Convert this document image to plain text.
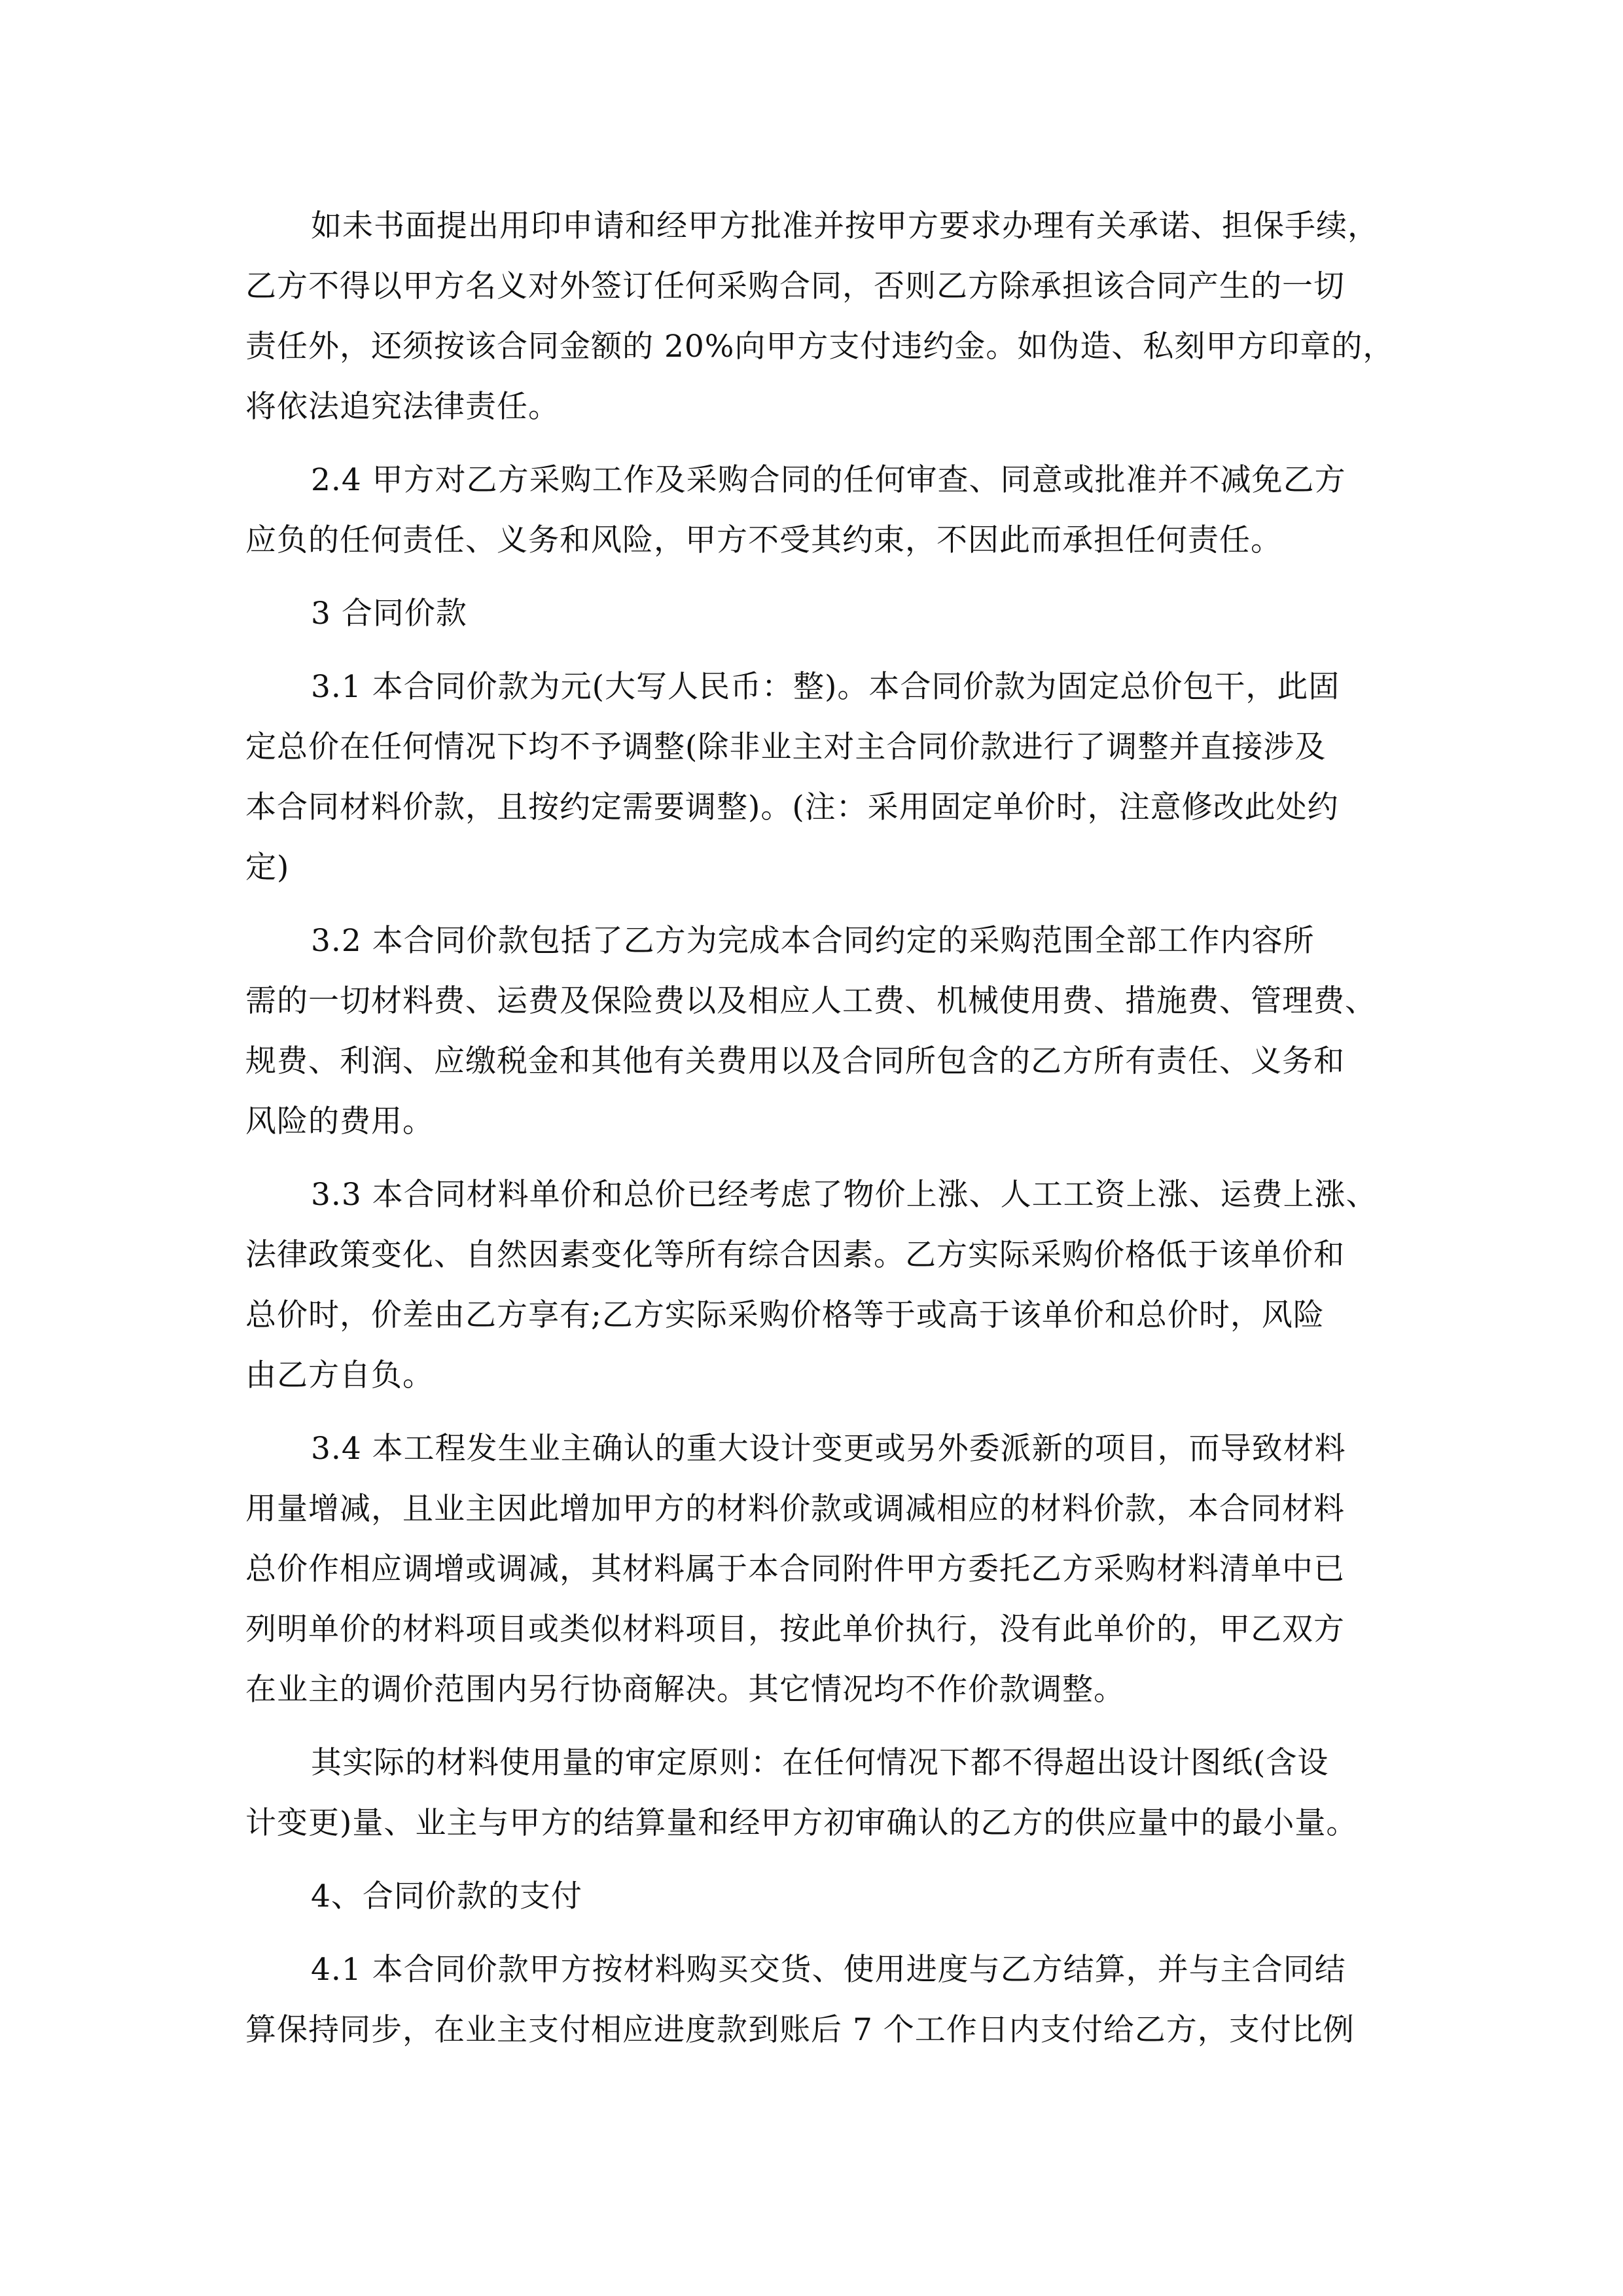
如未书面提出用印申请和经甲方批准并按甲方要求办理有关承诺、担保手续，
乙方不得以甲方名义对外签订任何采购合同，否则乙方除承担该合同产生的一切
责任外，还须按该合同金额的 20%向甲方支付违约金。如伪造、私刻甲方印章的，
将依法追究法律责任。
2.4 甲方对乙方采购工作及采购合同的任何审查、同意或批准并不减免乙方
应负的任何责任、义务和风险，甲方不受其约束，不因此而承担任何责任。
3 合同价款
3.1 本合同价款为元(大写人民币：整)。本合同价款为固定总价包干，此固
定总价在任何情况下均不予调整(除非业主对主合同价款进行了调整并直接涉及
本合同材料价款，且按约定需要调整)。(注：采用固定单价时，注意修改此处约
定)
3.2 本合同价款包括了乙方为完成本合同约定的采购范围全部工作内容所
需的一切材料费、运费及保险费以及相应人工费、机械使用费、措施费、管理费、
规费、利润、应缴税金和其他有关费用以及合同所包含的乙方所有责任、义务和
风险的费用。
3.3 本合同材料单价和总价已经考虑了物价上涨、人工工资上涨、运费上涨、
法律政策变化、自然因素变化等所有综合因素。乙方实际采购价格低于该单价和
总价时，价差由乙方享有;乙方实际采购价格等于或高于该单价和总价时，风险
由乙方自负。
3.4 本工程发生业主确认的重大设计变更或另外委派新的项目，而导致材料
用量增减，且业主因此增加甲方的材料价款或调减相应的材料价款，本合同材料
总价作相应调增或调减，其材料属于本合同附件甲方委托乙方采购材料清单中已
列明单价的材料项目或类似材料项目，按此单价执行，没有此单价的，甲乙双方
在业主的调价范围内另行协商解决。其它情况均不作价款调整。
其实际的材料使用量的审定原则：在任何情况下都不得超出设计图纸(含设
计变更)量、业主与甲方的结算量和经甲方初审确认的乙方的供应量中的最小量。
4、合同价款的支付
4.1 本合同价款甲方按材料购买交货、使用进度与乙方结算，并与主合同结
算保持同步，在业主支付相应进度款到账后 7 个工作日内支付给乙方，支付比例
